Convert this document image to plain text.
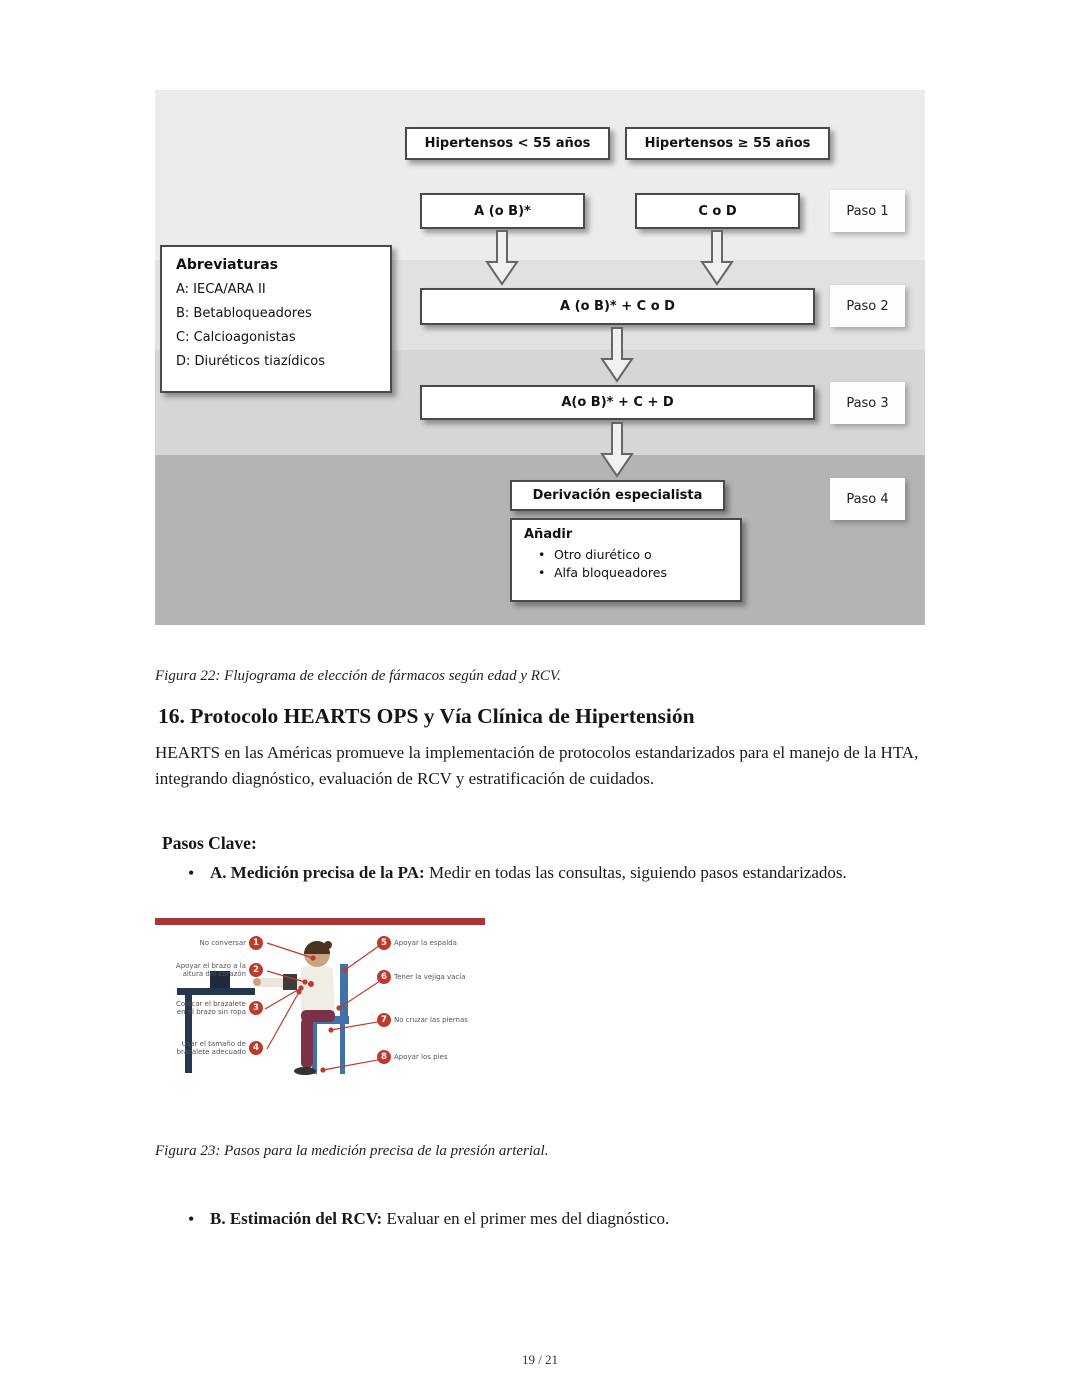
Hipertensos < 55 años	Hipertensos ≥ 55 años
A (o B)*	C o D	Paso 1
A (o B)* + C o D	Paso 2
A(o B)* + C + D	Paso 3
Derivación especialista	Paso 4
Añadir
• Otro diurético o
• Alfa bloqueadores
Abreviaturas
A: IECA/ARA II
B: Betabloqueadores
C: Calcioagonistas
D: Diuréticos tiazídicos
Figura 22: Flujograma de elección de fármacos según edad y RCV.
16. Protocolo HEARTS OPS y Vía Clínica de Hipertensión
HEARTS en las Américas promueve la implementación de protocolos estandarizados para el manejo de la HTA, integrando diagnóstico, evaluación de RCV y estratificación de cuidados.
Pasos Clave:
• A. Medición precisa de la PA: Medir en todas las consultas, siguiendo pasos estandarizados.
No conversar 1
Apoyar el brazo a la altura del corazón 2
Colocar el brazalete en el brazo sin ropa 3
Usar el tamaño de brazalete adecuado 4
5	Apoyar la espalda
6	Tener la vejiga vacía
7	No cruzar las piernas
8	Apoyar los pies
Figura 23: Pasos para la medición precisa de la presión arterial.
• B. Estimación del RCV: Evaluar en el primer mes del diagnóstico.
19 / 21
